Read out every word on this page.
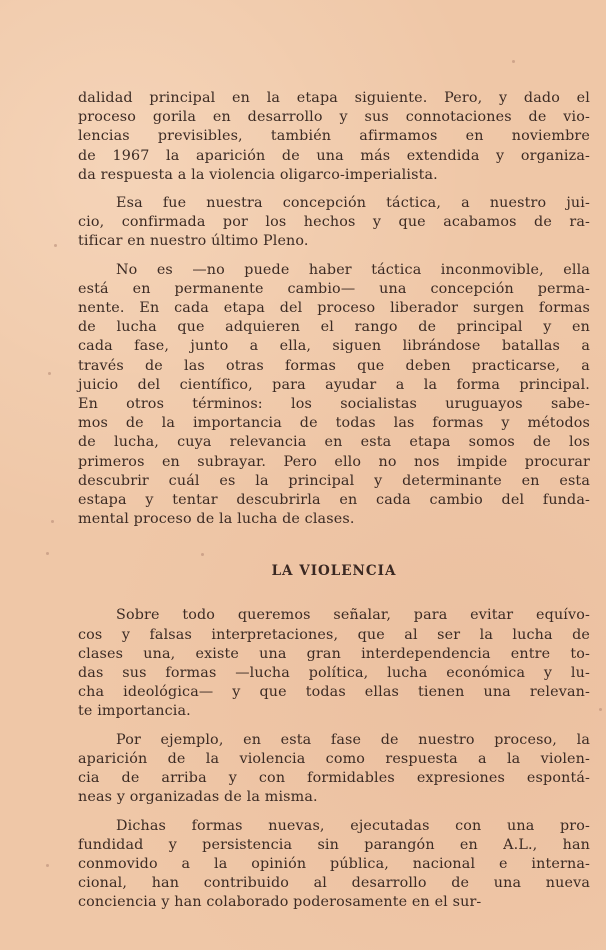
dalidad principal en la etapa siguiente. Pero, y dado el
proceso gorila en desarrollo y sus connotaciones de vio-
lencias previsibles, también afirmamos en noviembre
de 1967 la aparición de una más extendida y organiza-
da respuesta a la violencia oligarco-imperialista.

Esa fue nuestra concepción táctica, a nuestro jui-
cio, confirmada por los hechos y que acabamos de ra-
tificar en nuestro último Pleno.

No es —no puede haber táctica inconmovible, ella
está en permanente cambio— una concepción perma-
nente. En cada etapa del proceso liberador surgen formas
de lucha que adquieren el rango de principal y en
cada fase, junto a ella, siguen librándose batallas a
través de las otras formas que deben practicarse, a
juicio del científico, para ayudar a la forma principal.
En otros términos: los socialistas uruguayos sabe-
mos de la importancia de todas las formas y métodos
de lucha, cuya relevancia en esta etapa somos de los
primeros en subrayar. Pero ello no nos impide procurar
descubrir cuál es la principal y determinante en esta
estapa y tentar descubrirla en cada cambio del funda-
mental proceso de la lucha de clases.

LA VIOLENCIA

Sobre todo queremos señalar, para evitar equívo-
cos y falsas interpretaciones, que al ser la lucha de
clases una, existe una gran interdependencia entre to-
das sus formas —lucha política, lucha económica y lu-
cha ideológica— y que todas ellas tienen una relevan-
te importancia.

Por ejemplo, en esta fase de nuestro proceso, la
aparición de la violencia como respuesta a la violen-
cia de arriba y con formidables expresiones espontá-
neas y organizadas de la misma.

Dichas formas nuevas, ejecutadas con una pro-
fundidad y persistencia sin parangón en A.L., han
conmovido a la opinión pública, nacional e interna-
cional, han contribuido al desarrollo de una nueva
conciencia y han colaborado poderosamente en el sur-
